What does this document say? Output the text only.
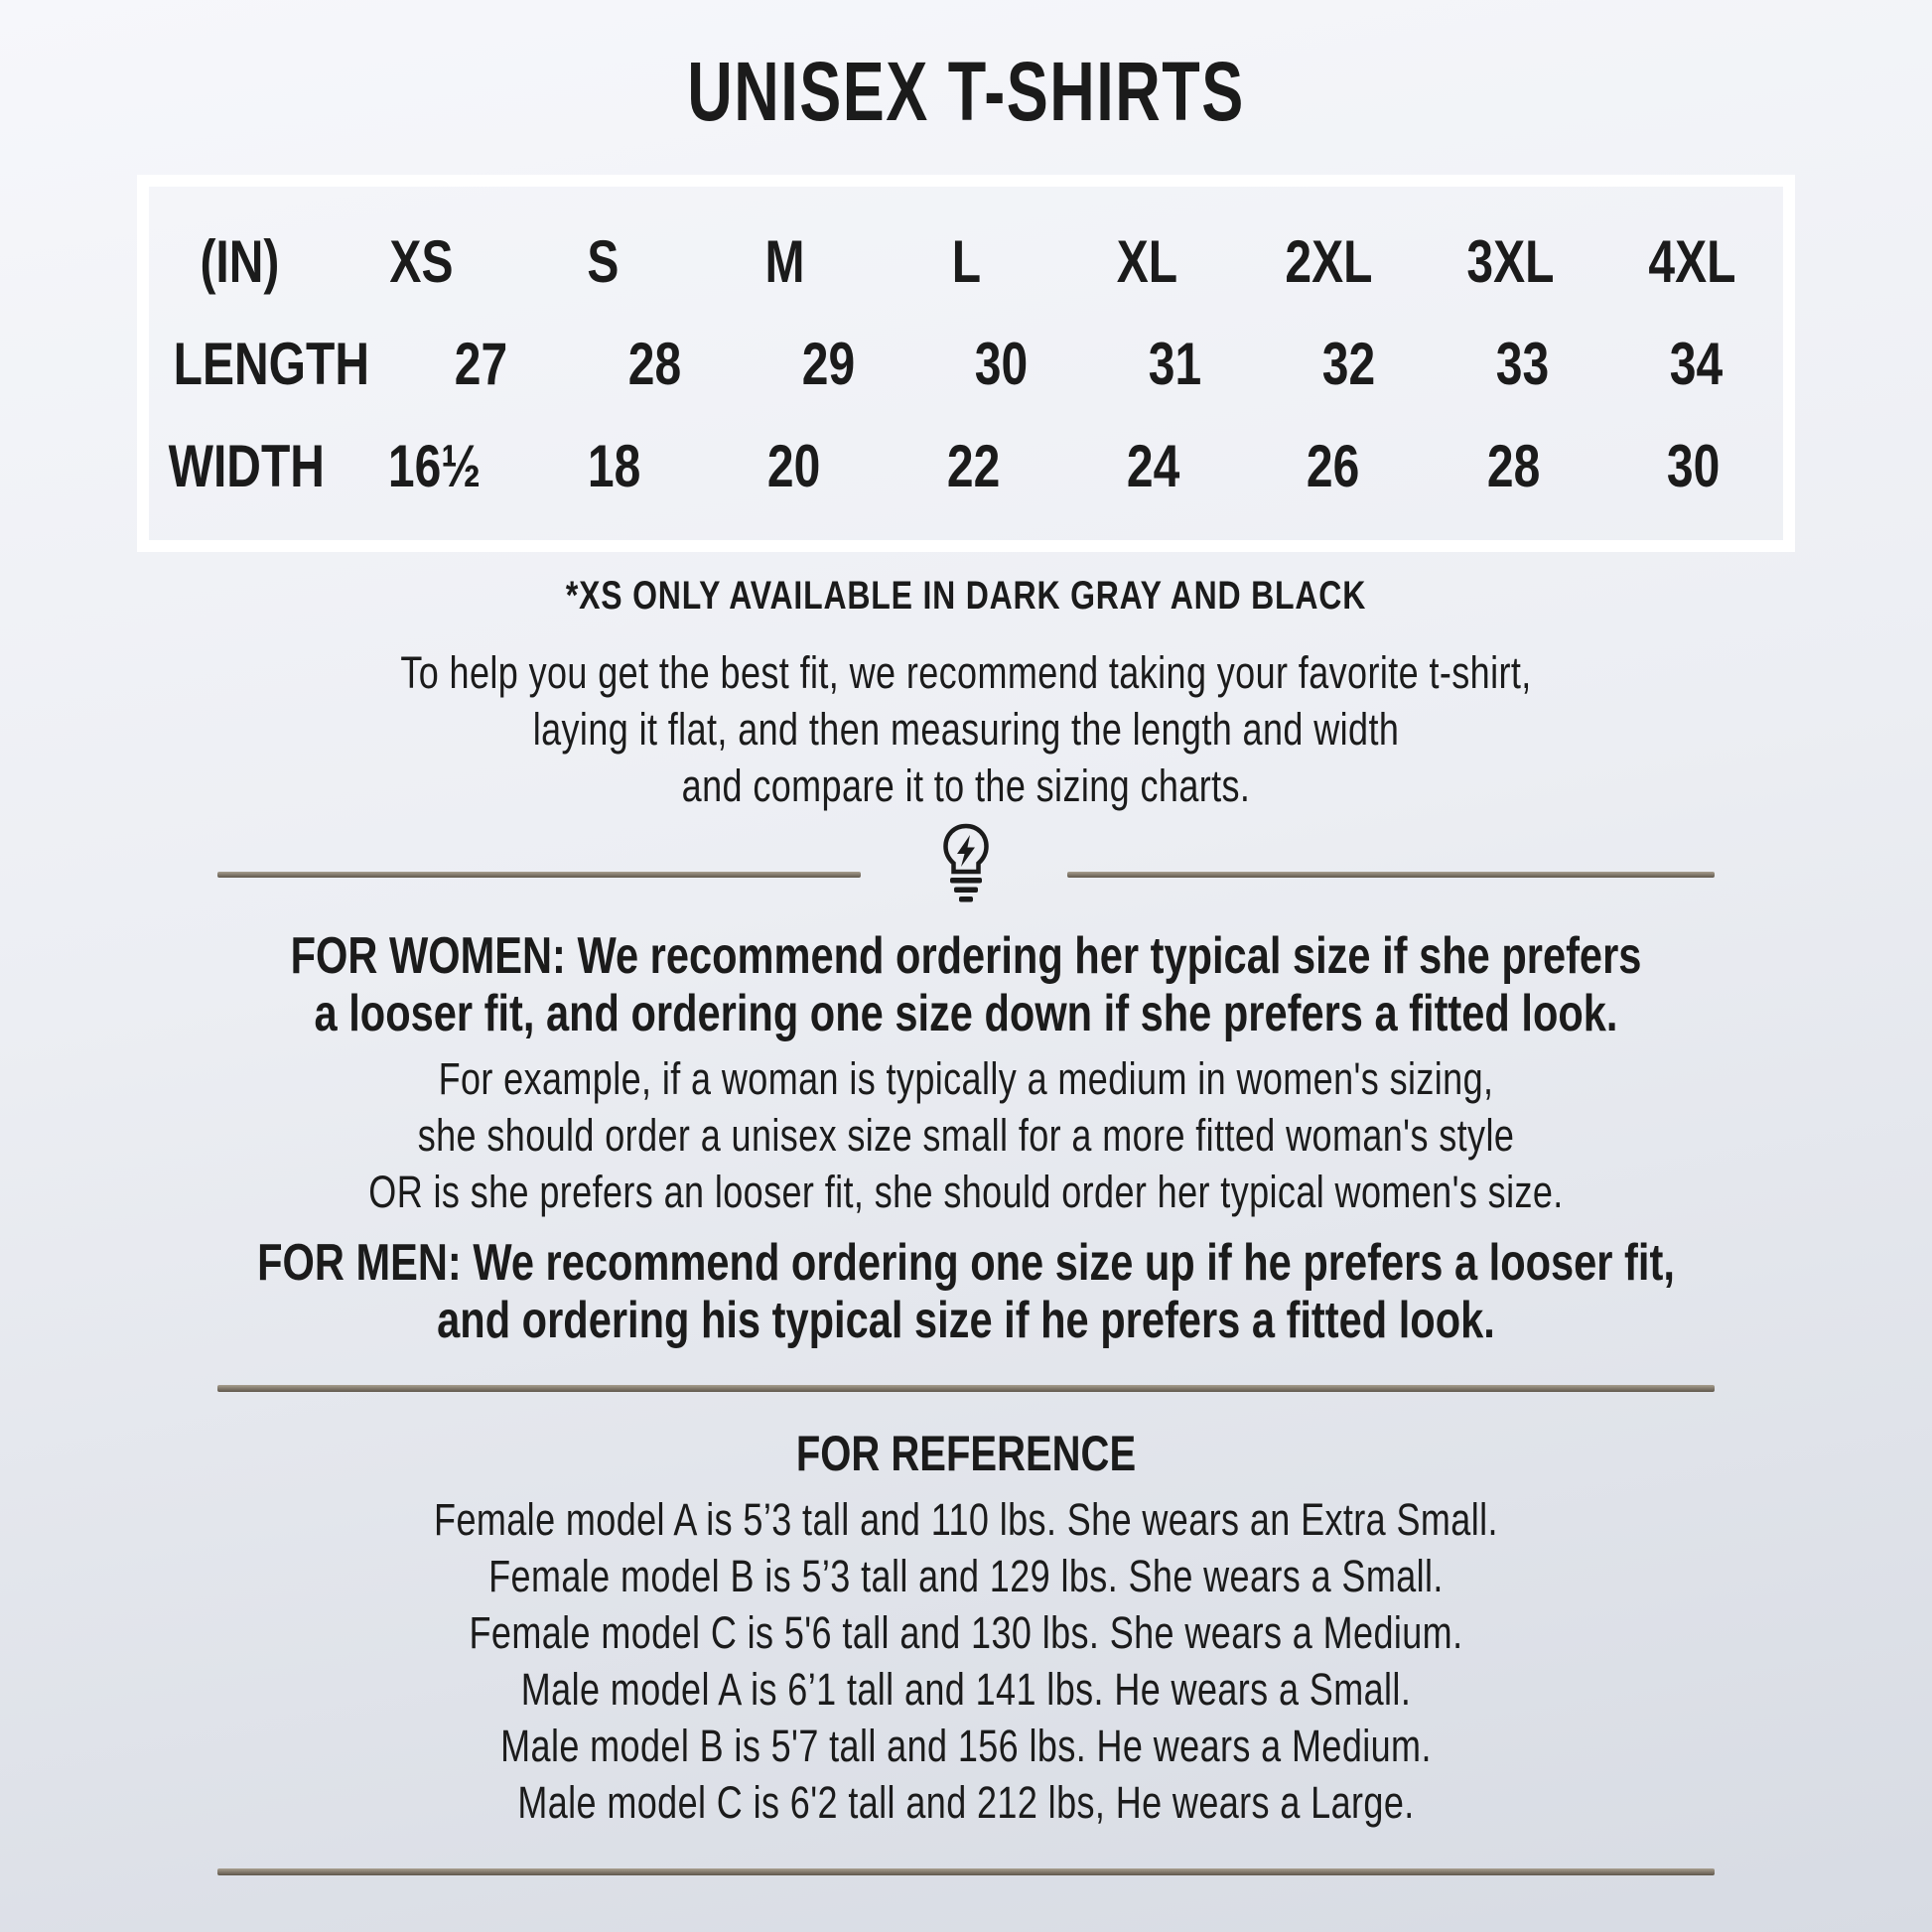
UNISEX T-SHIRTS
(IN)	XS	S	M	L	XL	2XL	3XL	4XL
LENGTH	27	28	29	30	31	32	33	34
WIDTH	16½	18	20	22	24	26	28	30
*XS ONLY AVAILABLE IN DARK GRAY AND BLACK
To help you get the best fit, we recommend taking your favorite t-shirt,
laying it flat, and then measuring the length and width
and compare it to the sizing charts.
FOR WOMEN: We recommend ordering her typical size if she prefers
a looser fit, and ordering one size down if she prefers a fitted look.
For example, if a woman is typically a medium in women's sizing,
she should order a unisex size small for a more fitted woman's style
OR is she prefers an looser fit, she should order her typical women's size.
FOR MEN: We recommend ordering one size up if he prefers a looser fit,
and ordering his typical size if he prefers a fitted look.
FOR REFERENCE
Female model A is 5’3 tall and 110 lbs. She wears an Extra Small.
Female model B is 5’3 tall and 129 lbs. She wears a Small.
Female model C is 5'6 tall and 130 lbs. She wears a Medium.
Male model A is 6’1 tall and 141 lbs. He wears a Small.
Male model B is 5'7 tall and 156 lbs. He wears a Medium.
Male model C is 6'2 tall and 212 lbs, He wears a Large.
